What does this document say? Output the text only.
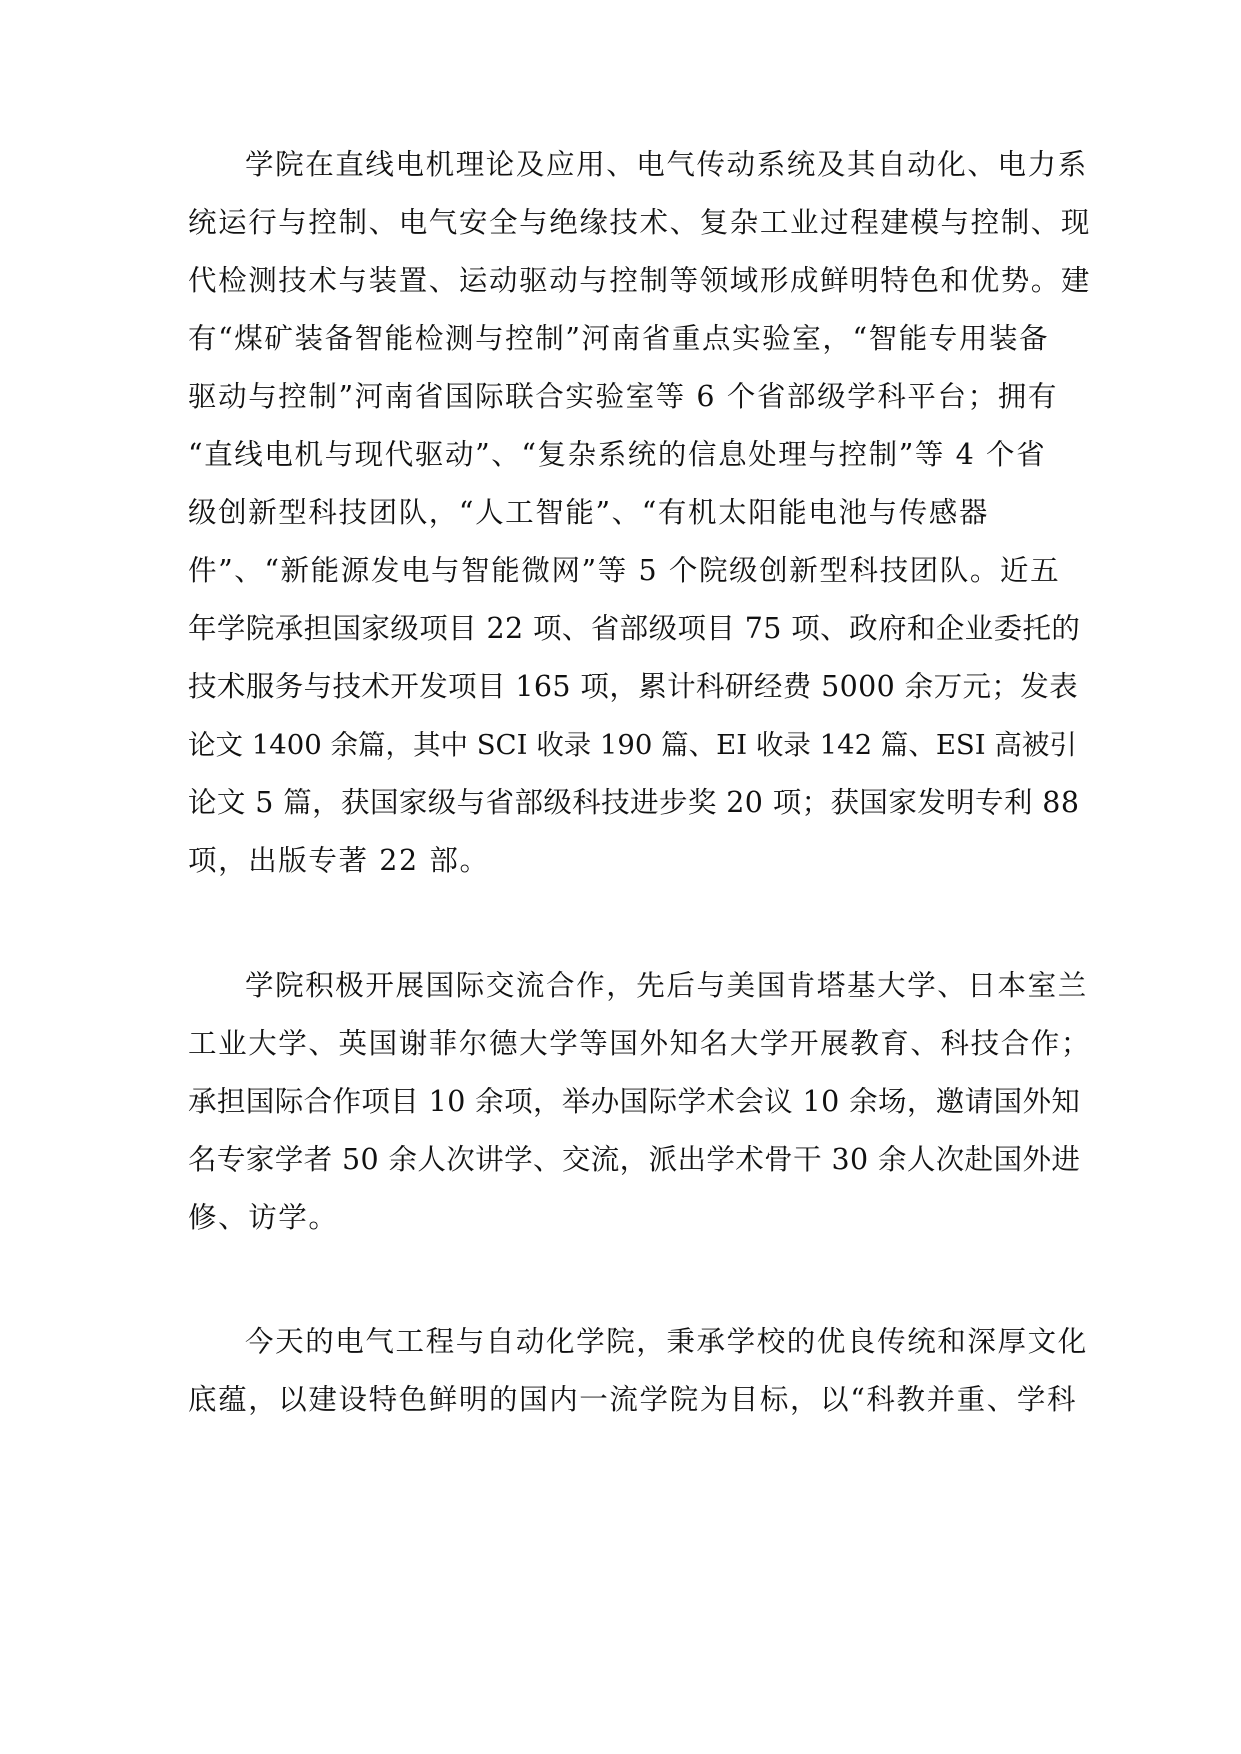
学院在直线电机理论及应用、电气传动系统及其自动化、电力系
统运行与控制、电气安全与绝缘技术、复杂工业过程建模与控制、现
代检测技术与装置、运动驱动与控制等领域形成鲜明特色和优势。建
有“煤矿装备智能检测与控制”河南省重点实验室，“智能专用装备
驱动与控制”河南省国际联合实验室等 6 个省部级学科平台；拥有
“直线电机与现代驱动”、“复杂系统的信息处理与控制”等 4 个省
级创新型科技团队，“人工智能”、“有机太阳能电池与传感器
件”、“新能源发电与智能微网”等 5 个院级创新型科技团队。近五
年学院承担国家级项目 22 项、省部级项目 75 项、政府和企业委托的
技术服务与技术开发项目 165 项，累计科研经费 5000 余万元；发表
论文 1400 余篇，其中 SCI 收录 190 篇、EI 收录 142 篇、ESI 高被引
论文 5 篇，获国家级与省部级科技进步奖 20 项；获国家发明专利 88
项，出版专著 22 部。
学院积极开展国际交流合作，先后与美国肯塔基大学、日本室兰
工业大学、英国谢菲尔德大学等国外知名大学开展教育、科技合作；
承担国际合作项目 10 余项，举办国际学术会议 10 余场，邀请国外知
名专家学者 50 余人次讲学、交流，派出学术骨干 30 余人次赴国外进
修、访学。
今天的电气工程与自动化学院，秉承学校的优良传统和深厚文化
底蕴，以建设特色鲜明的国内一流学院为目标，以“科教并重、学科
